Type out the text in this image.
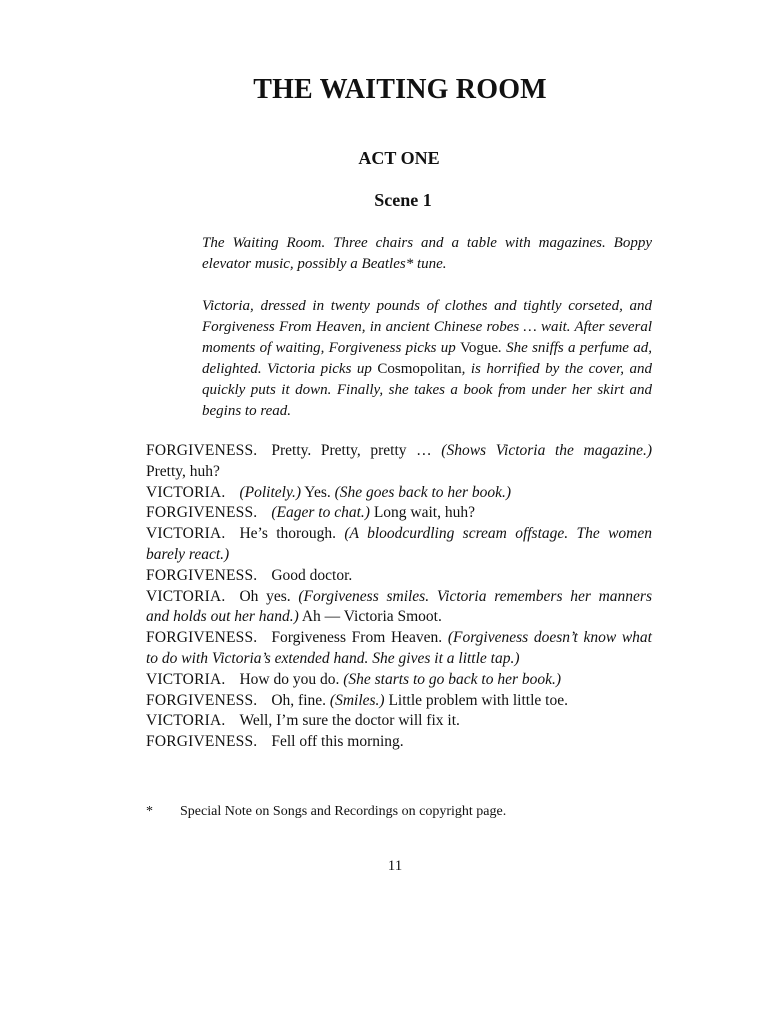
THE WAITING ROOM
ACT ONE
Scene 1

The Waiting Room. Three chairs and a table with magazines. Boppy elevator music, possibly a Beatles* tune.

Victoria, dressed in twenty pounds of clothes and tightly corseted, and Forgiveness From Heaven, in ancient Chinese robes … wait. After several moments of waiting, Forgiveness picks up Vogue. She sniffs a perfume ad, delighted. Victoria picks up Cosmopolitan, is horrified by the cover, and quickly puts it down. Finally, she takes a book from under her skirt and begins to read.

FORGIVENESS. Pretty. Pretty, pretty … (Shows Victoria the magazine.) Pretty, huh?

VICTORIA. (Politely.) Yes. (She goes back to her book.)

FORGIVENESS. (Eager to chat.) Long wait, huh?

VICTORIA. He’s thorough. (A bloodcurdling scream offstage. The women barely react.)

FORGIVENESS. Good doctor.

VICTORIA. Oh yes. (Forgiveness smiles. Victoria remembers her manners and holds out her hand.) Ah — Victoria Smoot.

FORGIVENESS. Forgiveness From Heaven. (Forgiveness doesn’t know what to do with Victoria’s extended hand. She gives it a little tap.)

VICTORIA. How do you do. (She starts to go back to her book.)

FORGIVENESS. Oh, fine. (Smiles.) Little problem with little toe.

VICTORIA. Well, I’m sure the doctor will fix it.

FORGIVENESS. Fell off this morning.

* Special Note on Songs and Recordings on copyright page.
11
